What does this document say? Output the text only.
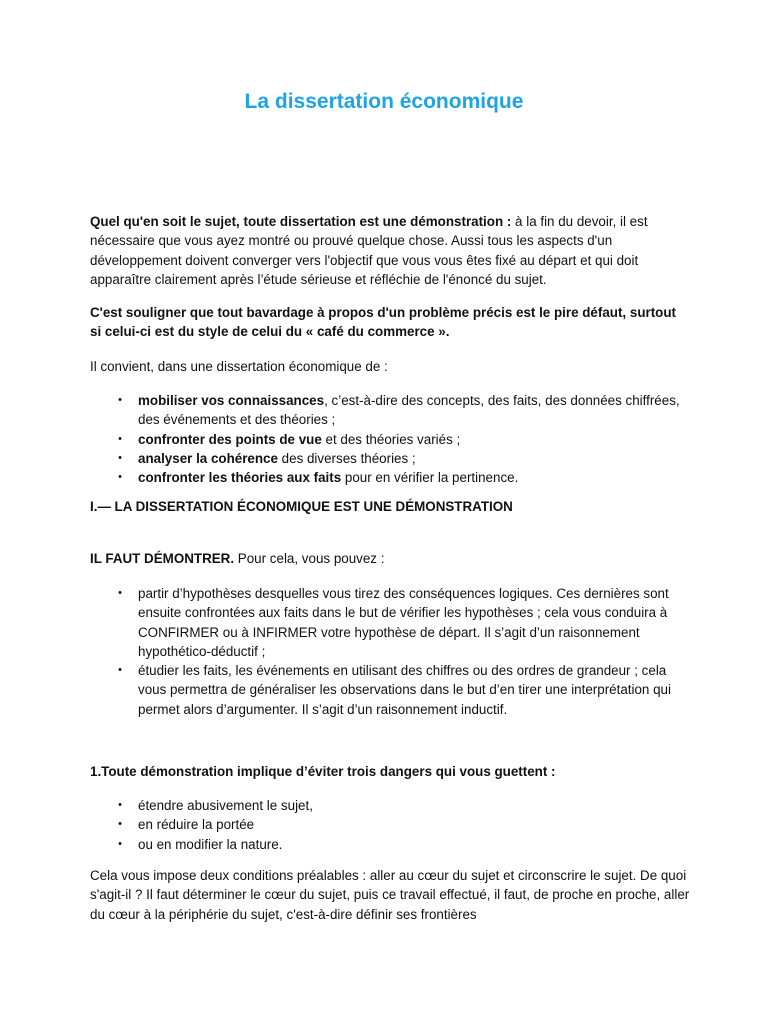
La dissertation économique

Quel qu'en soit le sujet, toute dissertation est une démonstration : à la fin du devoir, il est nécessaire que vous ayez montré ou prouvé quelque chose. Aussi tous les aspects d'un développement doivent converger vers l'objectif que vous vous êtes fixé au départ et qui doit apparaître clairement après l’étude sérieuse et réfléchie de l'énoncé du sujet.

C'est souligner que tout bavardage à propos d'un problème précis est le pire défaut, surtout si celui-ci est du style de celui du « café du commerce ».

Il convient, dans une dissertation économique de :

•	mobiliser vos connaissances, c’est-à-dire des concepts, des faits, des données chiffrées, des événements et des théories ;
•	confronter des points de vue et des théories variés ;
•	analyser la cohérence des diverses théories ;
•	confronter les théories aux faits pour en vérifier la pertinence.
I.— LA DISSERTATION ÉCONOMIQUE EST UNE DÉMONSTRATION

IL FAUT DÉMONTRER. Pour cela, vous pouvez :

•	partir d’hypothèses desquelles vous tirez des conséquences logiques. Ces dernières sont ensuite confrontées aux faits dans le but de vérifier les hypothèses ; cela vous conduira à CONFIRMER ou à INFIRMER votre hypothèse de départ. Il s’agit d’un raisonnement hypothético-déductif ;
•	étudier les faits, les événements en utilisant des chiffres ou des ordres de grandeur ; cela vous permettra de généraliser les observations dans le but d’en tirer une interprétation qui permet alors d’argumenter. Il s’agit d’un raisonnement inductif.
1.Toute démonstration implique d’éviter trois dangers qui vous guettent :
•	étendre abusivement le sujet,
•	en réduire la portée
•	ou en modifier la nature.

Cela vous impose deux conditions préalables : aller au cœur du sujet et circonscrire le sujet. De quoi s'agit-il ? Il faut déterminer le cœur du sujet, puis ce travail effectué, il faut, de proche en proche, aller du cœur à la périphérie du sujet, c'est-à-dire définir ses frontières
